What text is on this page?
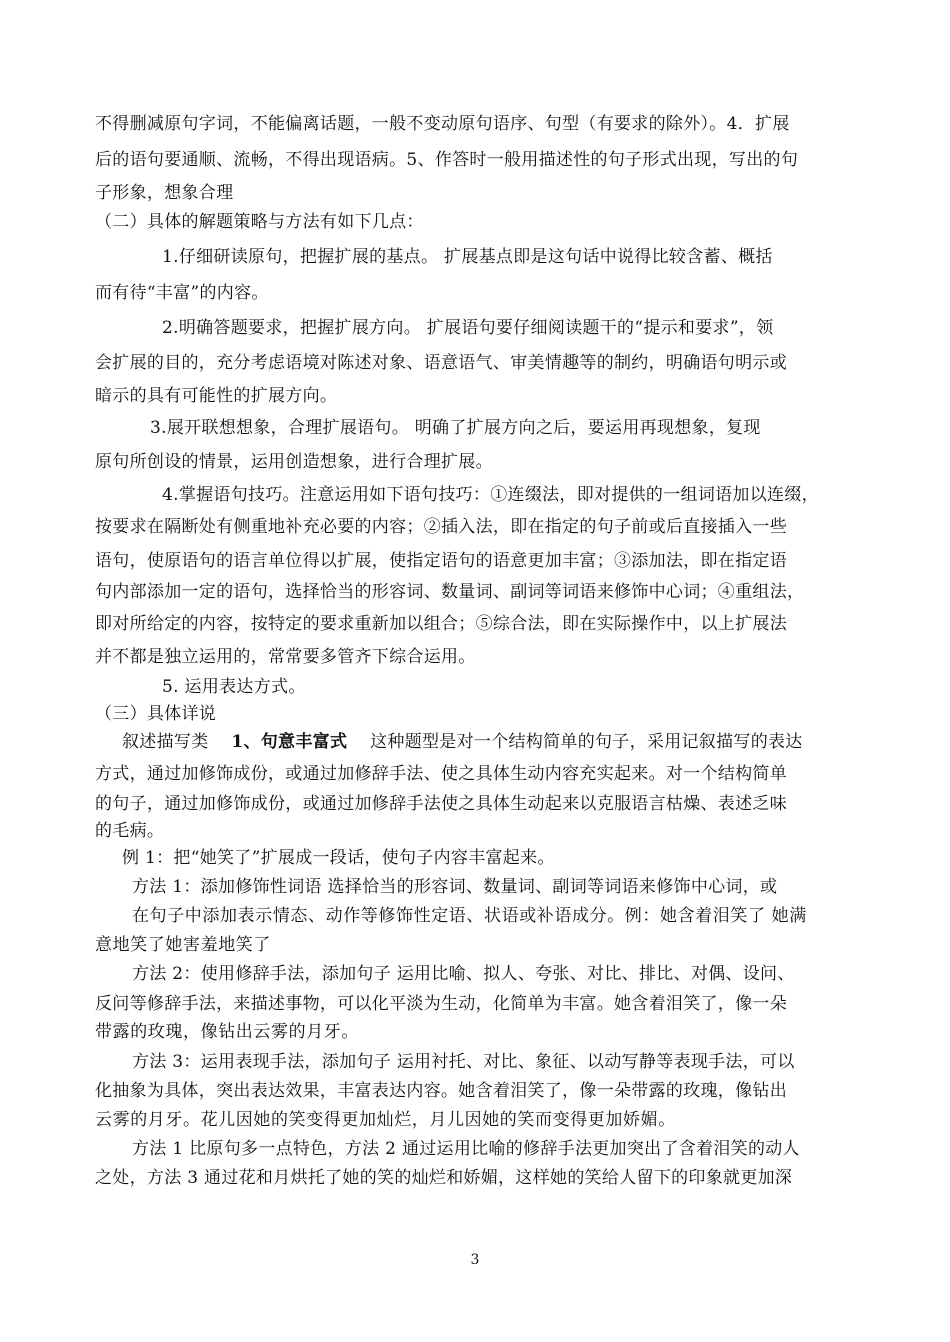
不得删减原句字词，不能偏离话题，一般不变动原句语序、句型（有要求的除外）。4．扩展
后的语句要通顺、流畅，不得出现语病。5、作答时一般用描述性的句子形式出现，写出的句
子形象，想象合理
（二）具体的解题策略与方法有如下几点：
1.仔细研读原句，把握扩展的基点。 扩展基点即是这句话中说得比较含蓄、概括
而有待“丰富”的内容。
2.明确答题要求，把握扩展方向。 扩展语句要仔细阅读题干的“提示和要求”，领
会扩展的目的，充分考虑语境对陈述对象、语意语气、审美情趣等的制约，明确语句明示或
暗示的具有可能性的扩展方向。
3.展开联想想象，合理扩展语句。 明确了扩展方向之后，要运用再现想象，复现
原句所创设的情景，运用创造想象，进行合理扩展。
4.掌握语句技巧。注意运用如下语句技巧：①连缀法，即对提供的一组词语加以连缀，
按要求在隔断处有侧重地补充必要的内容；②插入法，即在指定的句子前或后直接插入一些
语句，使原语句的语言单位得以扩展，使指定语句的语意更加丰富；③添加法，即在指定语
句内部添加一定的语句，选择恰当的形容词、数量词、副词等词语来修饰中心词；④重组法，
即对所给定的内容，按特定的要求重新加以组合；⑤综合法，即在实际操作中，以上扩展法
并不都是独立运用的，常常要多管齐下综合运用。
5. 运用表达方式。
（三）具体详说
叙述描写类 1、句意丰富式 这种题型是对一个结构简单的句子，采用记叙描写的表达
方式，通过加修饰成份，或通过加修辞手法、使之具体生动内容充实起来。对一个结构简单
的句子，通过加修饰成份，或通过加修辞手法使之具体生动起来以克服语言枯燥、表述乏味
的毛病。
例 1：把“她笑了”扩展成一段话，使句子内容丰富起来。
方法 1：添加修饰性词语 选择恰当的形容词、数量词、副词等词语来修饰中心词，或
在句子中添加表示情态、动作等修饰性定语、状语或补语成分。例：她含着泪笑了 她满
意地笑了她害羞地笑了
方法 2：使用修辞手法，添加句子 运用比喻、拟人、夸张、对比、排比、对偶、设问、
反问等修辞手法，来描述事物，可以化平淡为生动，化简单为丰富。她含着泪笑了，像一朵
带露的玫瑰，像钻出云雾的月牙。
方法 3：运用表现手法，添加句子 运用衬托、对比、象征、以动写静等表现手法，可以
化抽象为具体，突出表达效果，丰富表达内容。她含着泪笑了，像一朵带露的玫瑰，像钻出
云雾的月牙。花儿因她的笑变得更加灿烂，月儿因她的笑而变得更加娇媚。
方法 1 比原句多一点特色，方法 2 通过运用比喻的修辞手法更加突出了含着泪笑的动人
之处，方法 3 通过花和月烘托了她的笑的灿烂和娇媚，这样她的笑给人留下的印象就更加深
3
